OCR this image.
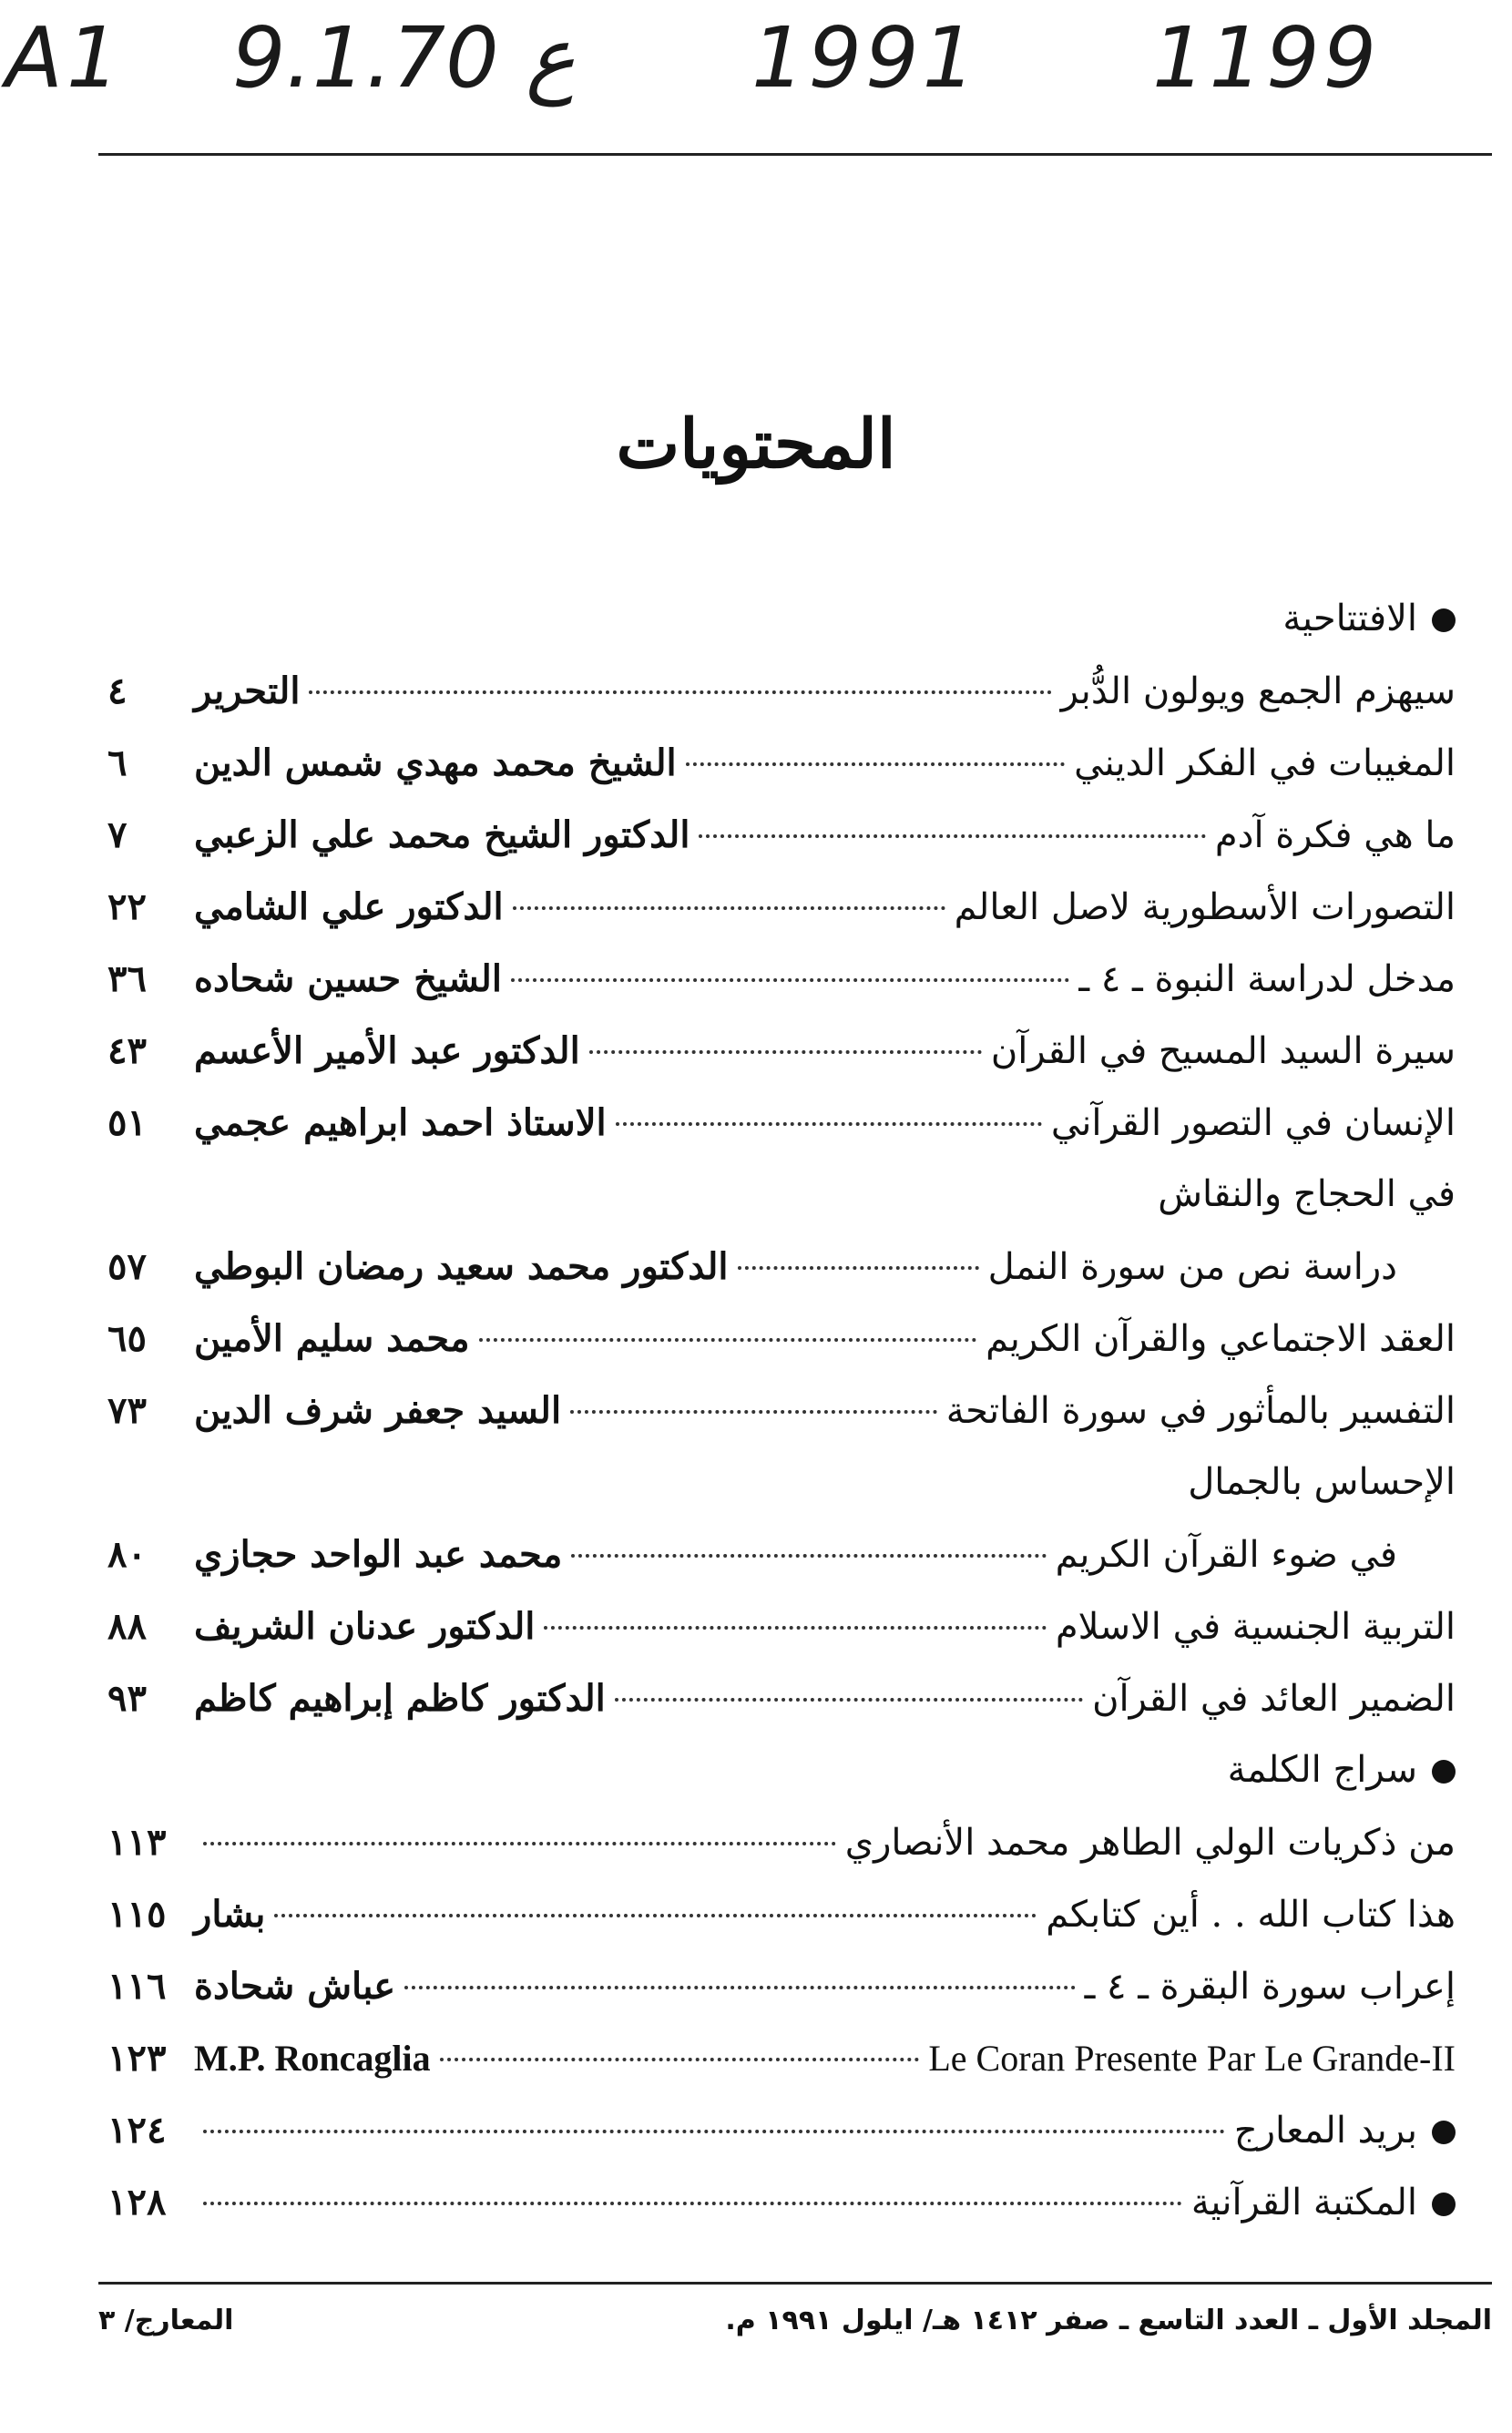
A1 9.ع 1.70 1991 1199
المحتويات
الافتتاحية
سيهزم الجمع ويولون الدُّبر
التحرير
٤
المغيبات في الفكر الديني
الشيخ محمد مهدي شمس الدين
٦
ما هي فكرة آدم
الدكتور الشيخ محمد علي الزعبي
٧
التصورات الأسطورية لاصل العالم
الدكتور علي الشامي
٢٢
مدخل لدراسة النبوة ـ ٤ ـ
الشيخ حسين شحاده
٣٦
سيرة السيد المسيح في القرآن
الدكتور عبد الأمير الأعسم
٤٣
الإنسان في التصور القرآني
الاستاذ احمد ابراهيم عجمي
٥١
في الحجاج والنقاش
دراسة نص من سورة النمل
الدكتور محمد سعيد رمضان البوطي
٥٧
العقد الاجتماعي والقرآن الكريم
محمد سليم الأمين
٦٥
التفسير بالمأثور في سورة الفاتحة
السيد جعفر شرف الدين
٧٣
الإحساس بالجمال
في ضوء القرآن الكريم
محمد عبد الواحد حجازي
٨٠
التربية الجنسية في الاسلام
الدكتور عدنان الشريف
٨٨
الضمير العائد في القرآن
الدكتور كاظم إبراهيم كاظم
٩٣
سراج الكلمة
من ذكريات الولي الطاهر محمد الأنصاري
١١٣
هذا كتاب الله . . أين كتابكم
بشار
١١٥
إعراب سورة البقرة ـ ٤ ـ
عباش شحادة
١١٦
Le Coran Presente Par Le Grande-II
M.P. Roncaglia
١٢٣
بريد المعارج
١٢٤
المكتبة القرآنية
١٢٨
المجلد الأول ـ العدد التاسع ـ صفر ١٤١٢ هـ/ ايلول ١٩٩١ م.
المعارج/ ٣
